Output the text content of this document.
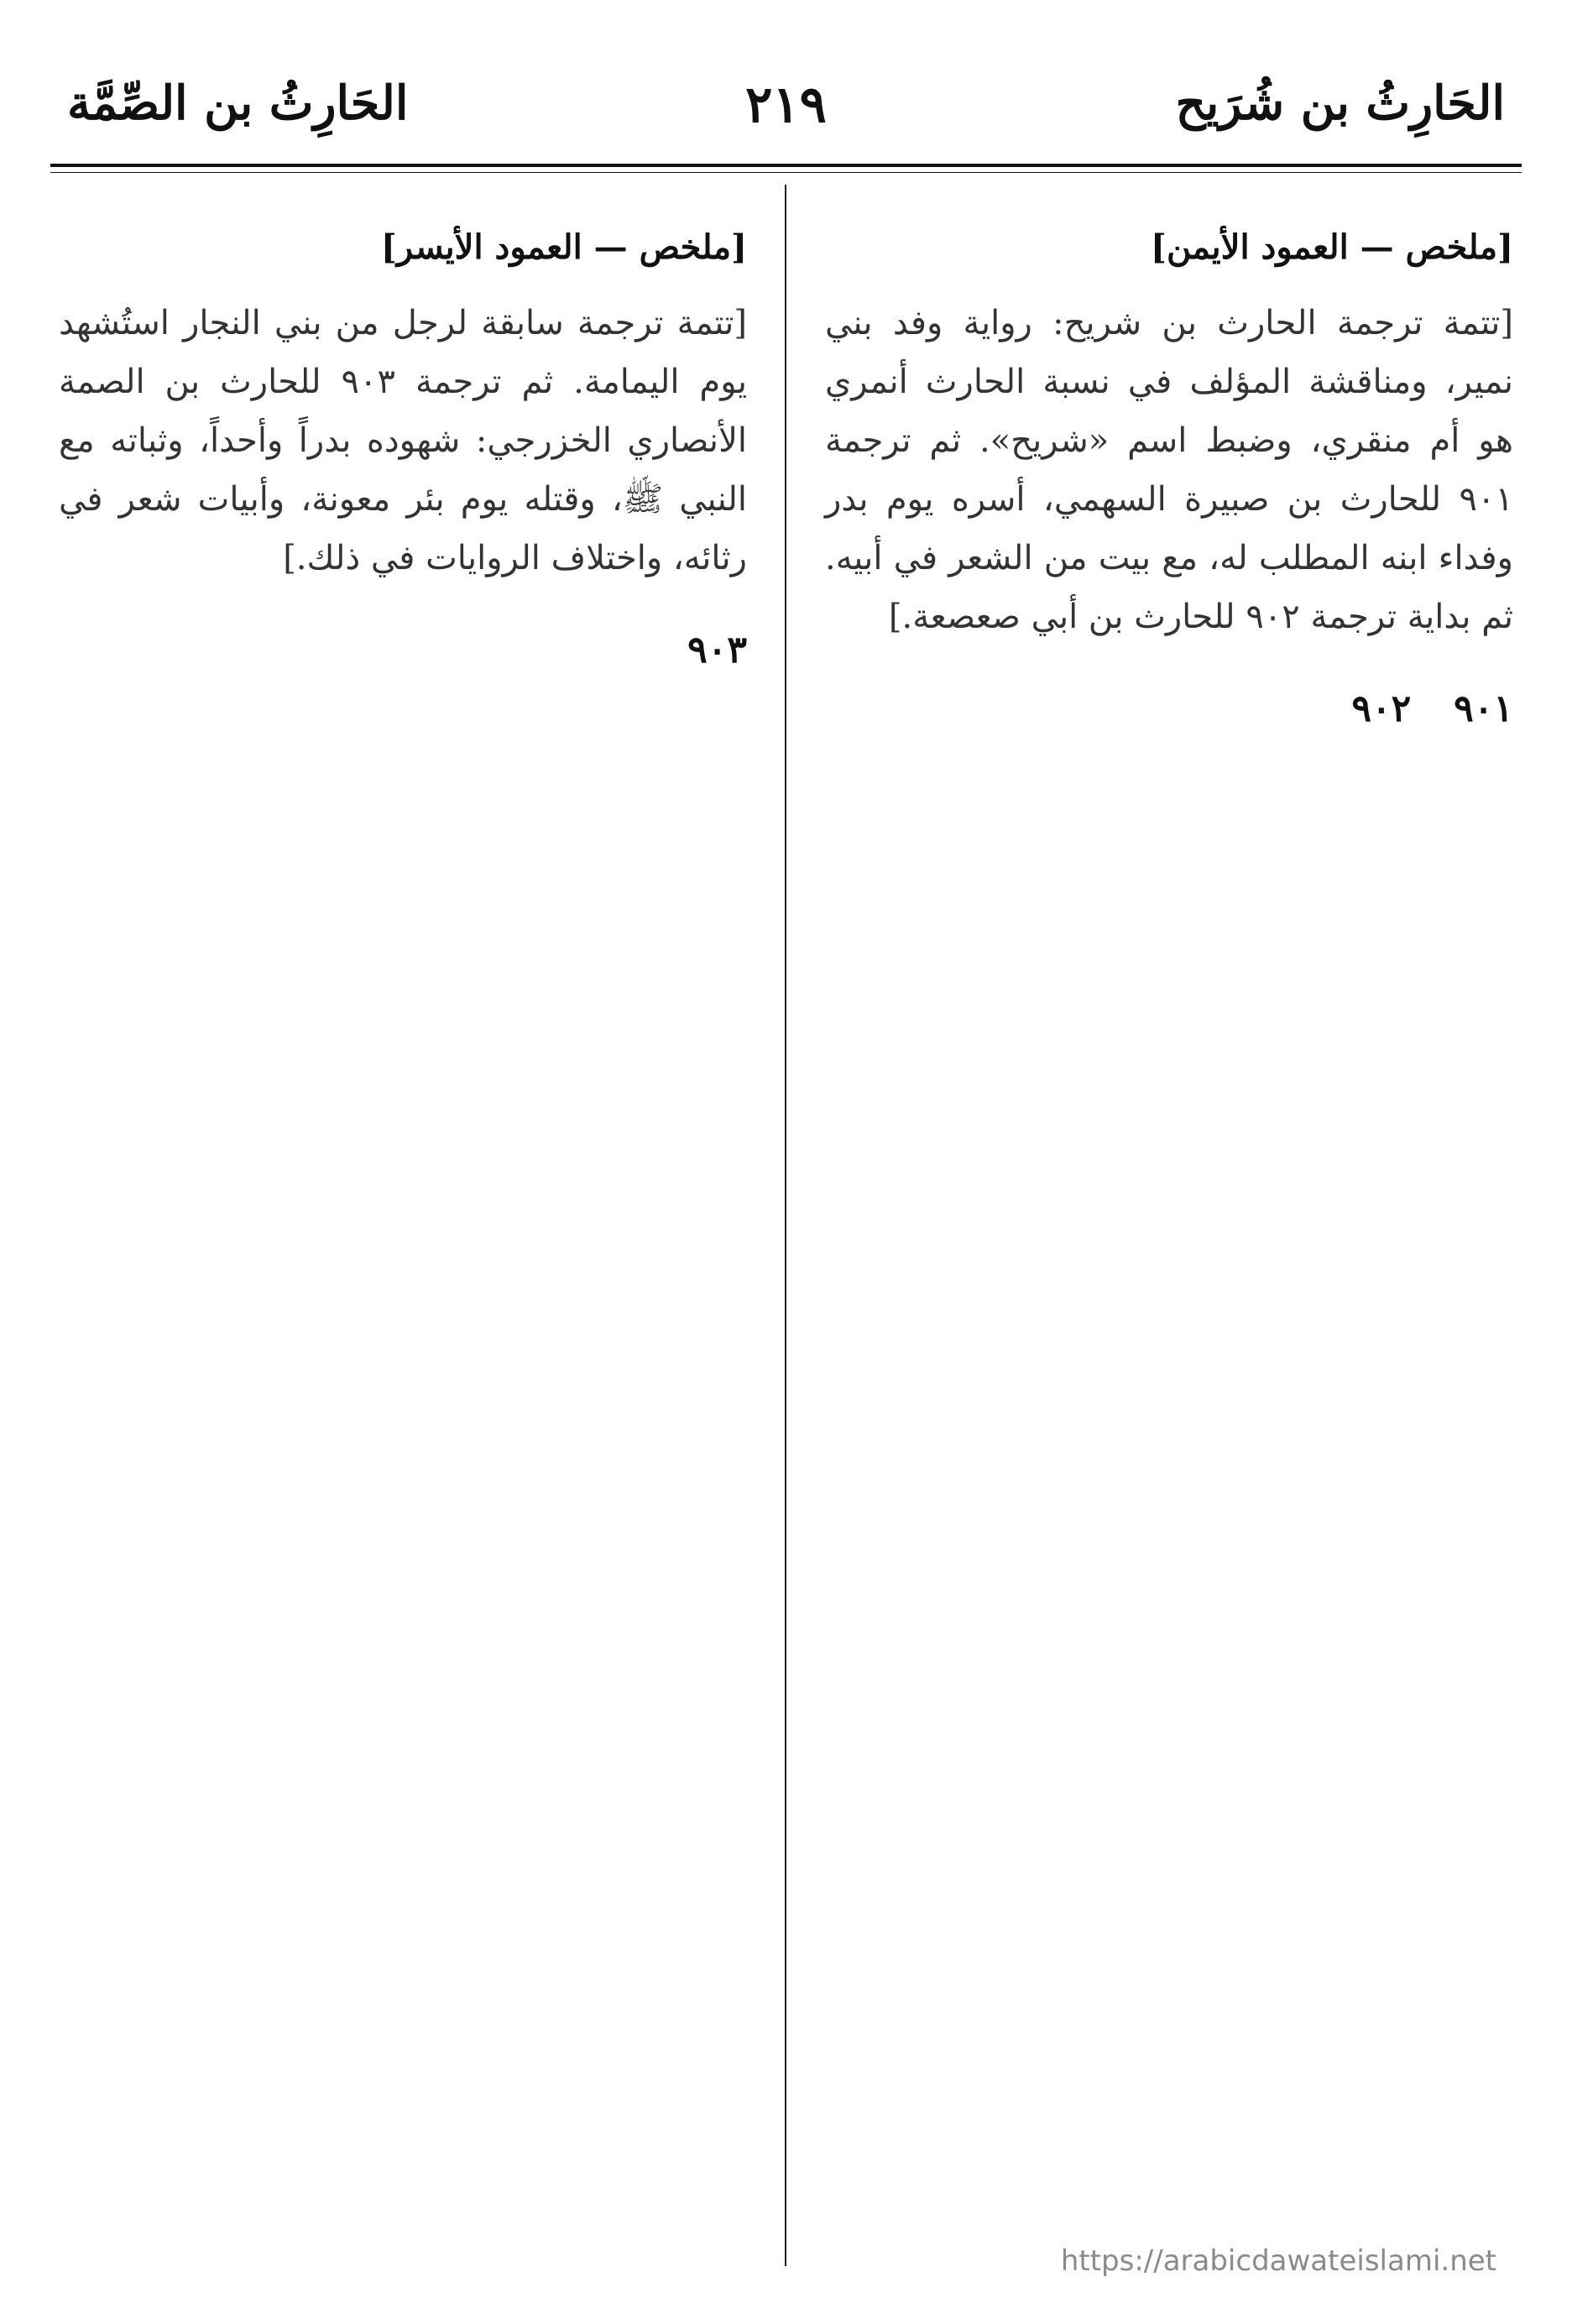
الحَارِثُ بن شُرَيح
٢١٩
الحَارِثُ بن الصِّمَّة
[ملخص — العمود الأيمن]
[تتمة ترجمة الحارث بن شريح: رواية وفد بني نمير، ومناقشة المؤلف في نسبة الحارث أنمري هو أم منقري، وضبط اسم «شريح». ثم ترجمة ٩٠١ للحارث بن صبيرة السهمي، أسره يوم بدر وفداء ابنه المطلب له، مع بيت من الشعر في أبيه. ثم بداية ترجمة ٩٠٢ للحارث بن أبي صعصعة.]
٩٠١    ٩٠٢
[ملخص — العمود الأيسر]
[تتمة ترجمة سابقة لرجل من بني النجار استُشهد يوم اليمامة. ثم ترجمة ٩٠٣ للحارث بن الصمة الأنصاري الخزرجي: شهوده بدراً وأحداً، وثباته مع النبي ﷺ، وقتله يوم بئر معونة، وأبيات شعر في رثائه، واختلاف الروايات في ذلك.]
٩٠٣
https://arabicdawateislami.net
